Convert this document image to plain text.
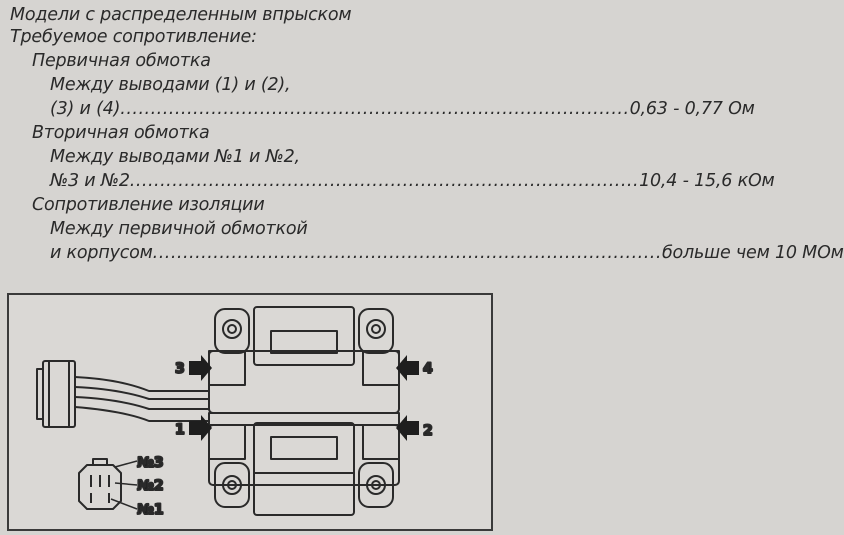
Модели с распределенным впрыском
Требуемое сопротивление:
Первичная обмотка
Между выводами (1) и (2),
(3) и (4) .................................................................................... 0,63 - 0,77 Ом
Вторичная обмотка
Между выводами №1 и №2,
№3 и №2 .................................................................................... 10,4 - 15,6 кОм
Сопротивление изоляции
Между первичной обмоткой
и корпусом .................................................................................... больше чем 10 МОм
3
1
4
2
№3
№2
№1
